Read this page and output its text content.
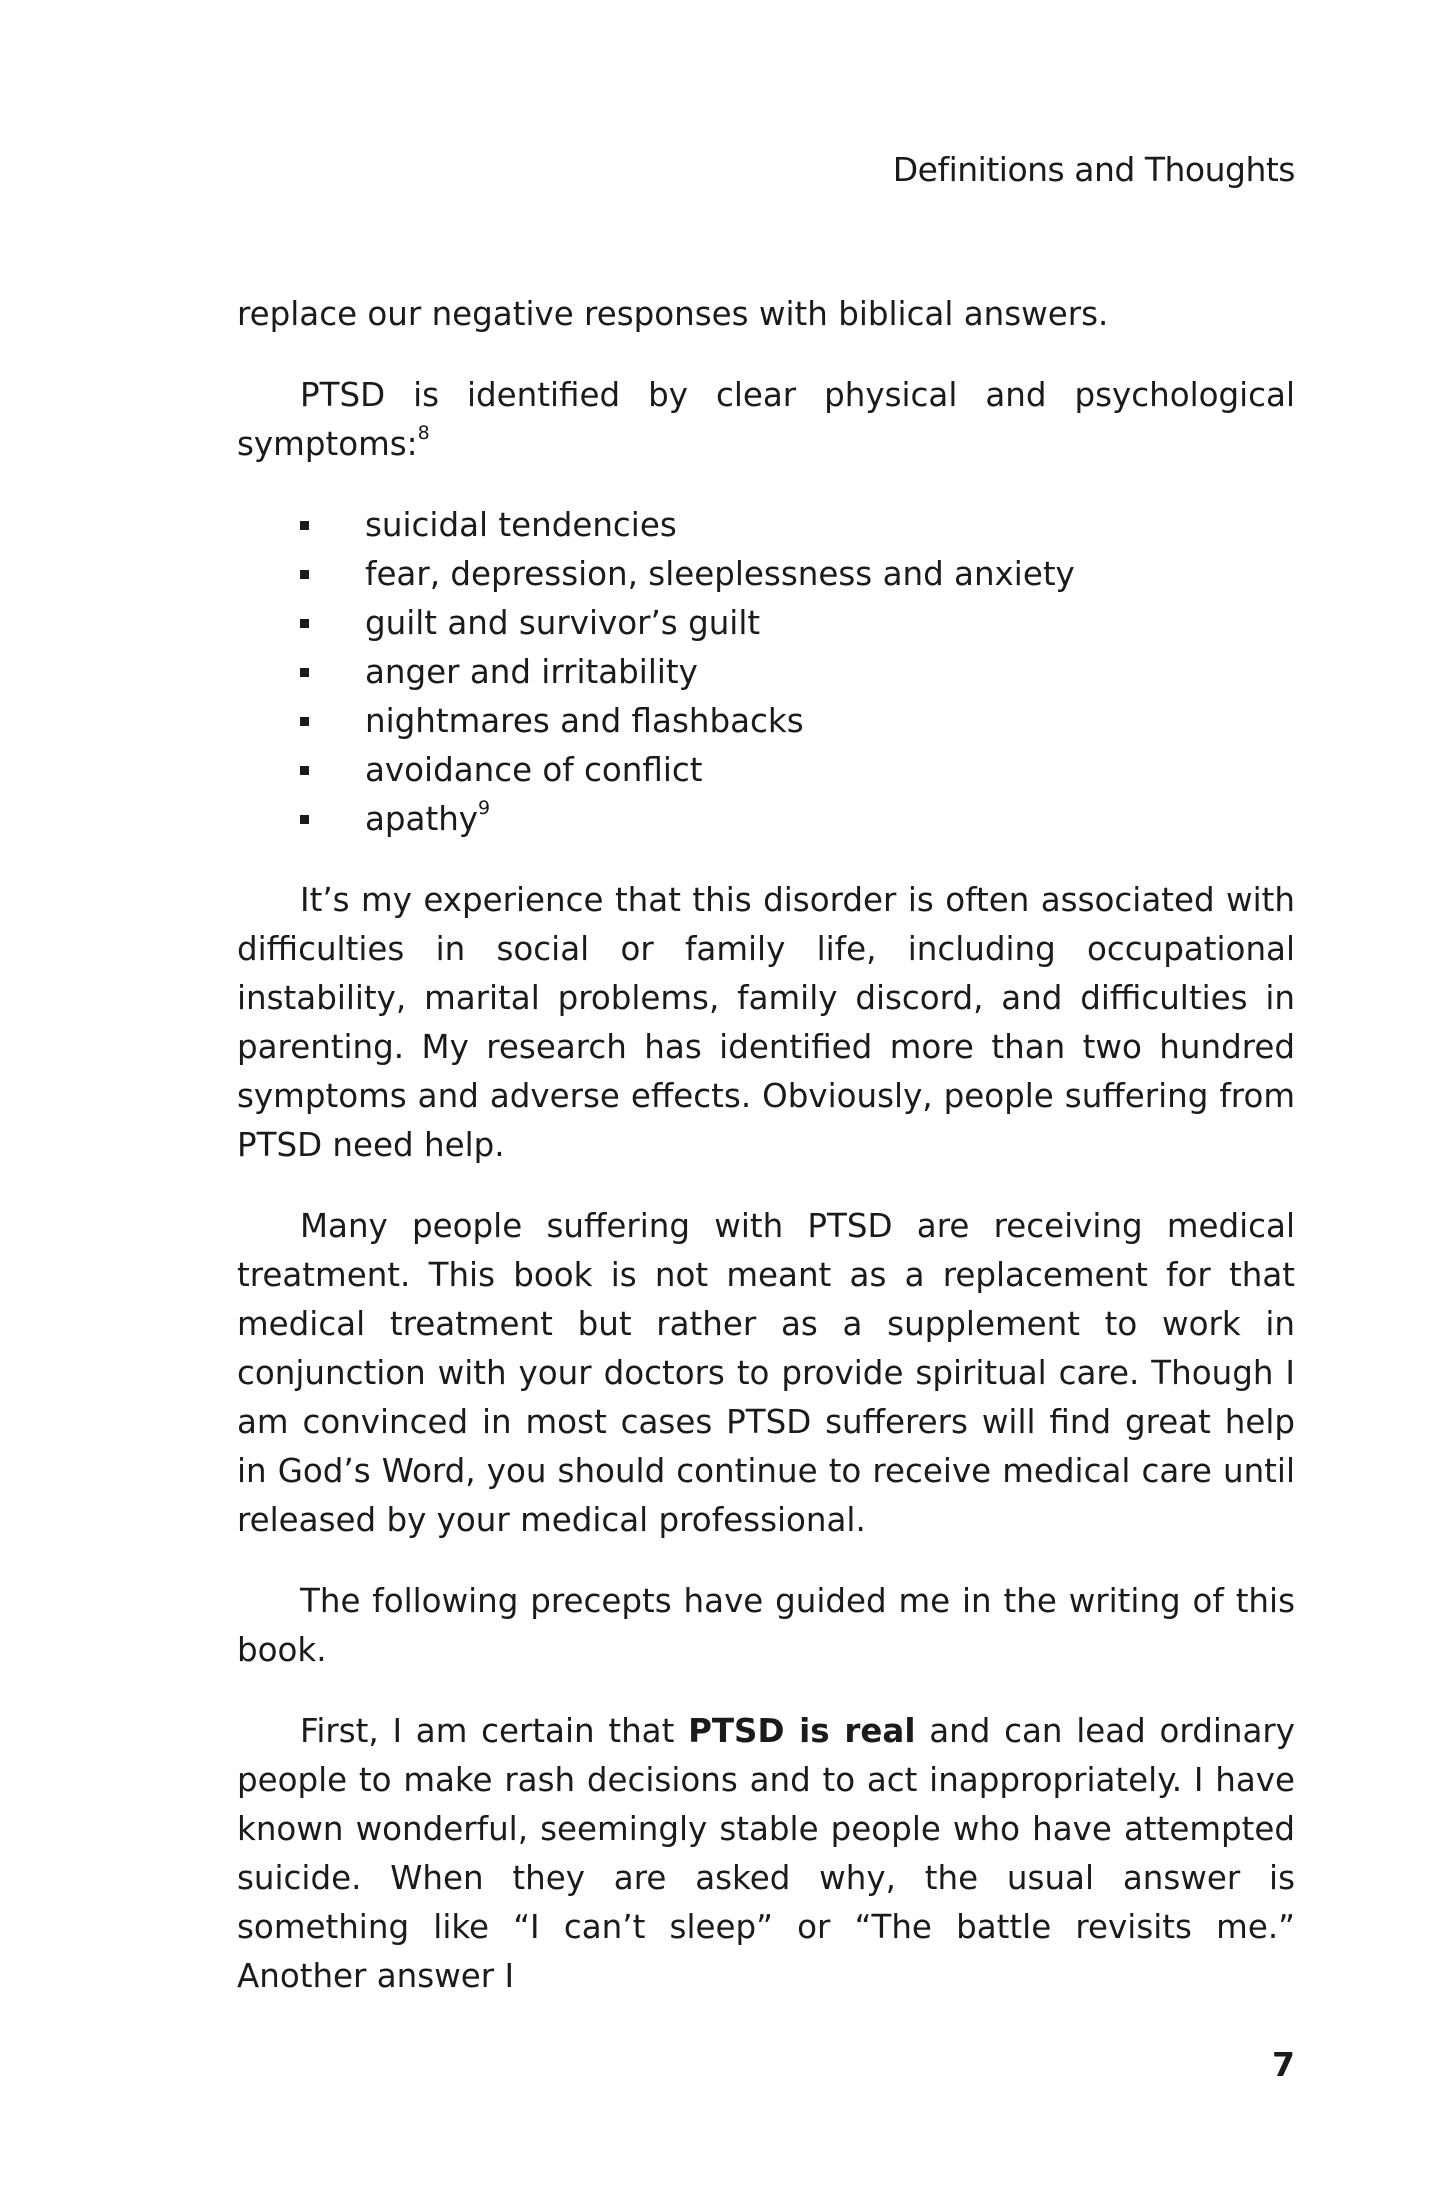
Definitions and Thoughts

replace our negative responses with biblical answers.

PTSD is identified by clear physical and psychological symptoms:$^8$

suicidal tendencies
fear, depression, sleeplessness and anxiety
guilt and survivor’s guilt
anger and irritability
nightmares and flashbacks
avoidance of conflict
apathy$^9$

It’s my experience that this disorder is often associated with difficulties in social or family life, including occupational instability, marital problems, family discord, and difficulties in parenting. My research has identified more than two hundred symptoms and adverse effects. Obviously, people suffering from PTSD need help.

Many people suffering with PTSD are receiving medical treatment. This book is not meant as a replacement for that medical treatment but rather as a supplement to work in conjunction with your doctors to provide spiritual care. Though I am convinced in most cases PTSD sufferers will find great help in God’s Word, you should continue to receive medical care until released by your medical professional.

The following precepts have guided me in the writing of this book.

First, I am certain that PTSD is real and can lead ordinary people to make rash decisions and to act inappropriately. I have known wonderful, seemingly stable people who have attempted suicide. When they are asked why, the usual answer is something like “I can’t sleep” or “The battle revisits me.” Another answer I

7
